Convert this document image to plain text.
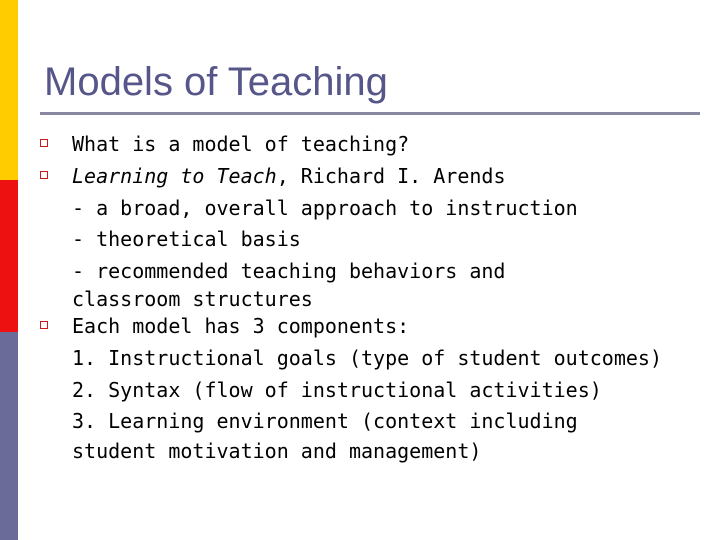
Models of Teaching
What is a model of teaching?
Learning to Teach, Richard I. Arends
- a broad, overall approach to instruction
- theoretical basis
- recommended teaching behaviors and
classroom structures
Each model has 3 components:
1. Instructional goals (type of student outcomes)
2. Syntax (flow of instructional activities)
3. Learning environment (context including
student motivation and management)
